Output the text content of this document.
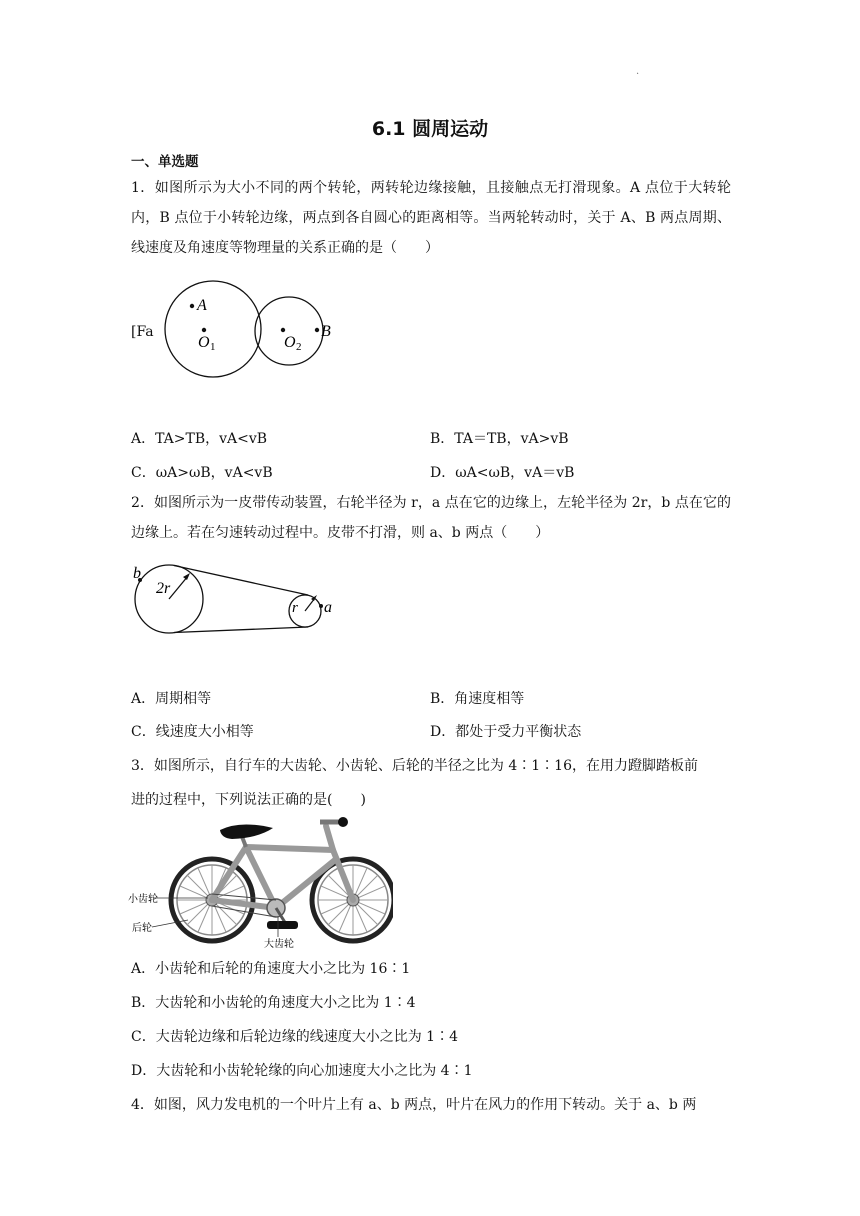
.
6.1 圆周运动
一、单选题
1．如图所示为大小不同的两个转轮，两转轮边缘接触，且接触点无打滑现象。A 点位于大转轮内，B 点位于小转轮边缘，两点到各自圆心的距离相等。当两轮转动时，关于 A、B 两点周期、线速度及角速度等物理量的关系正确的是（　　）
[Fa
A
O 1	O 2
B
A．TA>TB，vA<vB	B．TA＝TB，vA>vB
C．ωA>ωB，vA<vB	D．ωA<ωB，vA＝vB
2．如图所示为一皮带传动装置，右轮半径为 r，a 点在它的边缘上，左轮半径为 2r，b 点在它的边缘上。若在匀速转动过程中。皮带不打滑，则 a、b 两点（　　）
b
2r
r a
A．周期相等	B．角速度相等
C．线速度大小相等	D．都处于受力平衡状态
3．如图所示，自行车的大齿轮、小齿轮、后轮的半径之比为 4∶1∶16，在用力蹬脚踏板前
进的过程中，下列说法正确的是(　　)
小齿轮
后轮
大齿轮
A．小齿轮和后轮的角速度大小之比为 16∶1
B．大齿轮和小齿轮的角速度大小之比为 1∶4
C．大齿轮边缘和后轮边缘的线速度大小之比为 1∶4
D．大齿轮和小齿轮轮缘的向心加速度大小之比为 4∶1
4．如图，风力发电机的一个叶片上有 a、b 两点，叶片在风力的作用下转动。关于 a、b 两
